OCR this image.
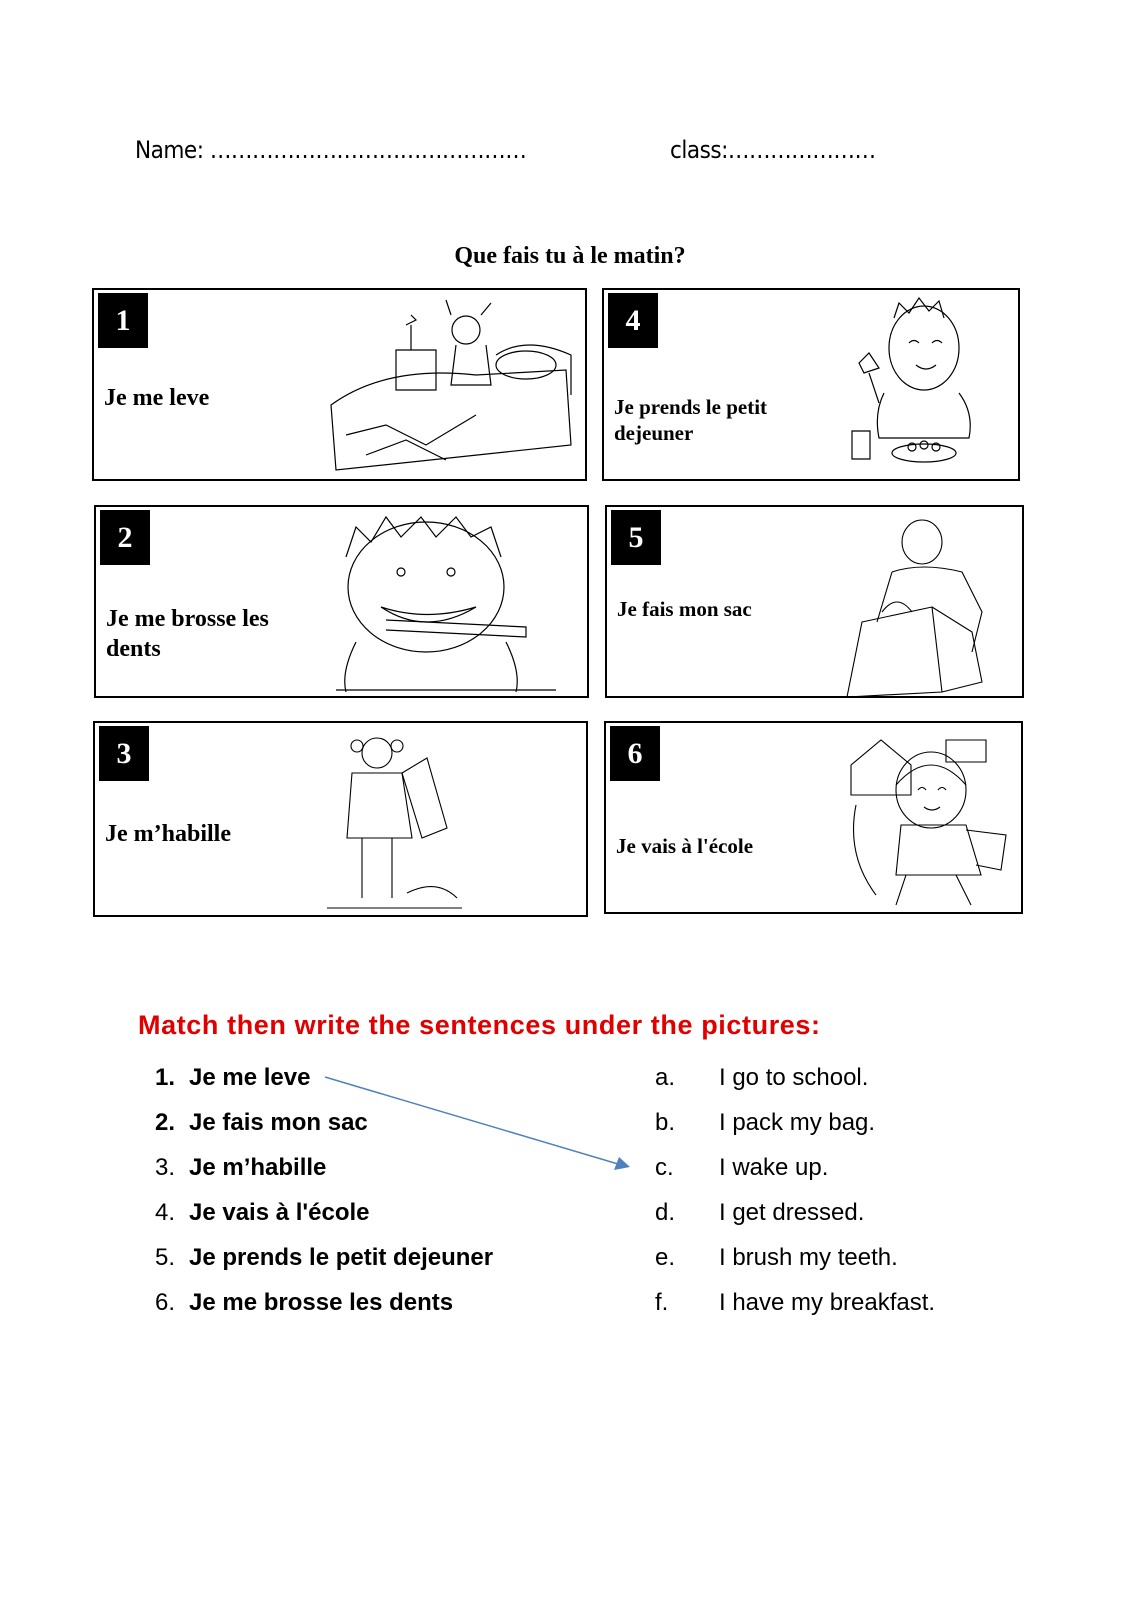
Name: ………………………………………	class:…………………
Que fais tu à le matin?
1
Je me leve
4
Je prends le petit dejeuner
2
Je me brosse les dents
5
Je fais mon sac
3
Je m’habille
6
Je vais à l'école
Match then write the sentences under the pictures:
1. Je me leve
2. Je fais mon sac
3. Je m’habille
4. Je vais à l'école
5. Je prends le petit dejeuner
6. Je me brosse les dents
a. I go to school.
b. I pack my bag.
c. I wake up.
d. I get dressed.
e. I brush my teeth.
f. I have my breakfast.
